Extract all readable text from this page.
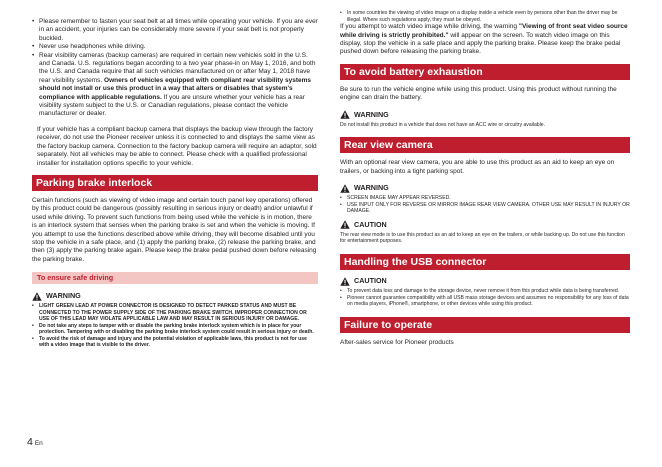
• Please remember to fasten your seat belt at all times while operating your vehicle. If you are ever in an accident, your injuries can be considerably more severe if your seat belt is not properly buckled.
• Never use headphones while driving.
• Rear visibility cameras (backup cameras) are required in certain new vehicles sold in the U.S. and Canada. U.S. regulations began according to a two year phase-in on May 1, 2016, and both the U.S. and Canada require that all such vehicles manufactured on or after May 1, 2018 have rear visibility systems. Owners of vehicles equipped with compliant rear visibility systems should not install or use this product in a way that alters or disables that system's compliance with applicable regulations. If you are unsure whether your vehicle has a rear visibility system subject to the U.S. or Canadian regulations, please contact the vehicle manufacturer or dealer.

If your vehicle has a compliant backup camera that displays the backup view through the factory receiver, do not use the Pioneer receiver unless it is connected to and displays the same view as the factory backup camera. Connection to the factory backup camera will require an adaptor, sold separately. Not all vehicles may be able to connect. Please check with a qualified professional installer for installation options specific to your vehicle.

Parking brake interlock

Certain functions (such as viewing of video image and certain touch panel key operations) offered by this product could be dangerous (possibly resulting in serious injury or death) and/or unlawful if used while driving. To prevent such functions from being used while the vehicle is in motion, there is an interlock system that senses when the parking brake is set and when the vehicle is moving. If you attempt to use the functions described above while driving, they will become disabled until you stop the vehicle in a safe place, and (1) apply the parking brake, (2) release the parking brake, and then (3) apply the parking brake again. Please keep the brake pedal pushed down before releasing the parking brake.

To ensure safe driving
WARNING
• LIGHT GREEN LEAD AT POWER CONNECTOR IS DESIGNED TO DETECT PARKED STATUS AND MUST BE CONNECTED TO THE POWER SUPPLY SIDE OF THE PARKING BRAKE SWITCH. IMPROPER CONNECTION OR USE OF THIS LEAD MAY VIOLATE APPLICABLE LAW AND MAY RESULT IN SERIOUS INJURY OR DAMAGE.
• Do not take any steps to tamper with or disable the parking brake interlock system which is in place for your protection. Tampering with or disabling the parking brake interlock system could result in serious injury or death.
• To avoid the risk of damage and injury and the potential violation of applicable laws, this product is not for use with a video image that is visible to the driver.
• In some countries the viewing of video image on a display inside a vehicle even by persons other than the driver may be illegal. Where such regulations apply, they must be obeyed.

If you attempt to watch video image while driving, the warning "Viewing of front seat video source while driving is strictly prohibited." will appear on the screen. To watch video image on this display, stop the vehicle in a safe place and apply the parking brake. Please keep the brake pedal pushed down before releasing the parking brake.

To avoid battery exhaustion

Be sure to run the vehicle engine while using this product. Using this product without running the engine can drain the battery.

WARNING

Do not install this product in a vehicle that does not have an ACC wire or circuitry available.

Rear view camera

With an optional rear view camera, you are able to use this product as an aid to keep an eye on trailers, or backing into a tight parking spot.

WARNING
• SCREEN IMAGE MAY APPEAR REVERSED.
• USE INPUT ONLY FOR REVERSE OR MIRROR IMAGE REAR VIEW CAMERA. OTHER USE MAY RESULT IN INJURY OR DAMAGE.
CAUTION

The rear view mode is to use this product as an aid to keep an eye on the trailers, or while backing up. Do not use this function for entertainment purposes.

Handling the USB connector
CAUTION
• To prevent data loss and damage to the storage device, never remove it from this product while data is being transferred.
• Pioneer cannot guarantee compatibility with all USB mass storage devices and assumes no responsibility for any loss of data on media players, iPhone®, smartphone, or other devices while using this product.
Failure to operate

After-sales service for Pioneer products

4 En
